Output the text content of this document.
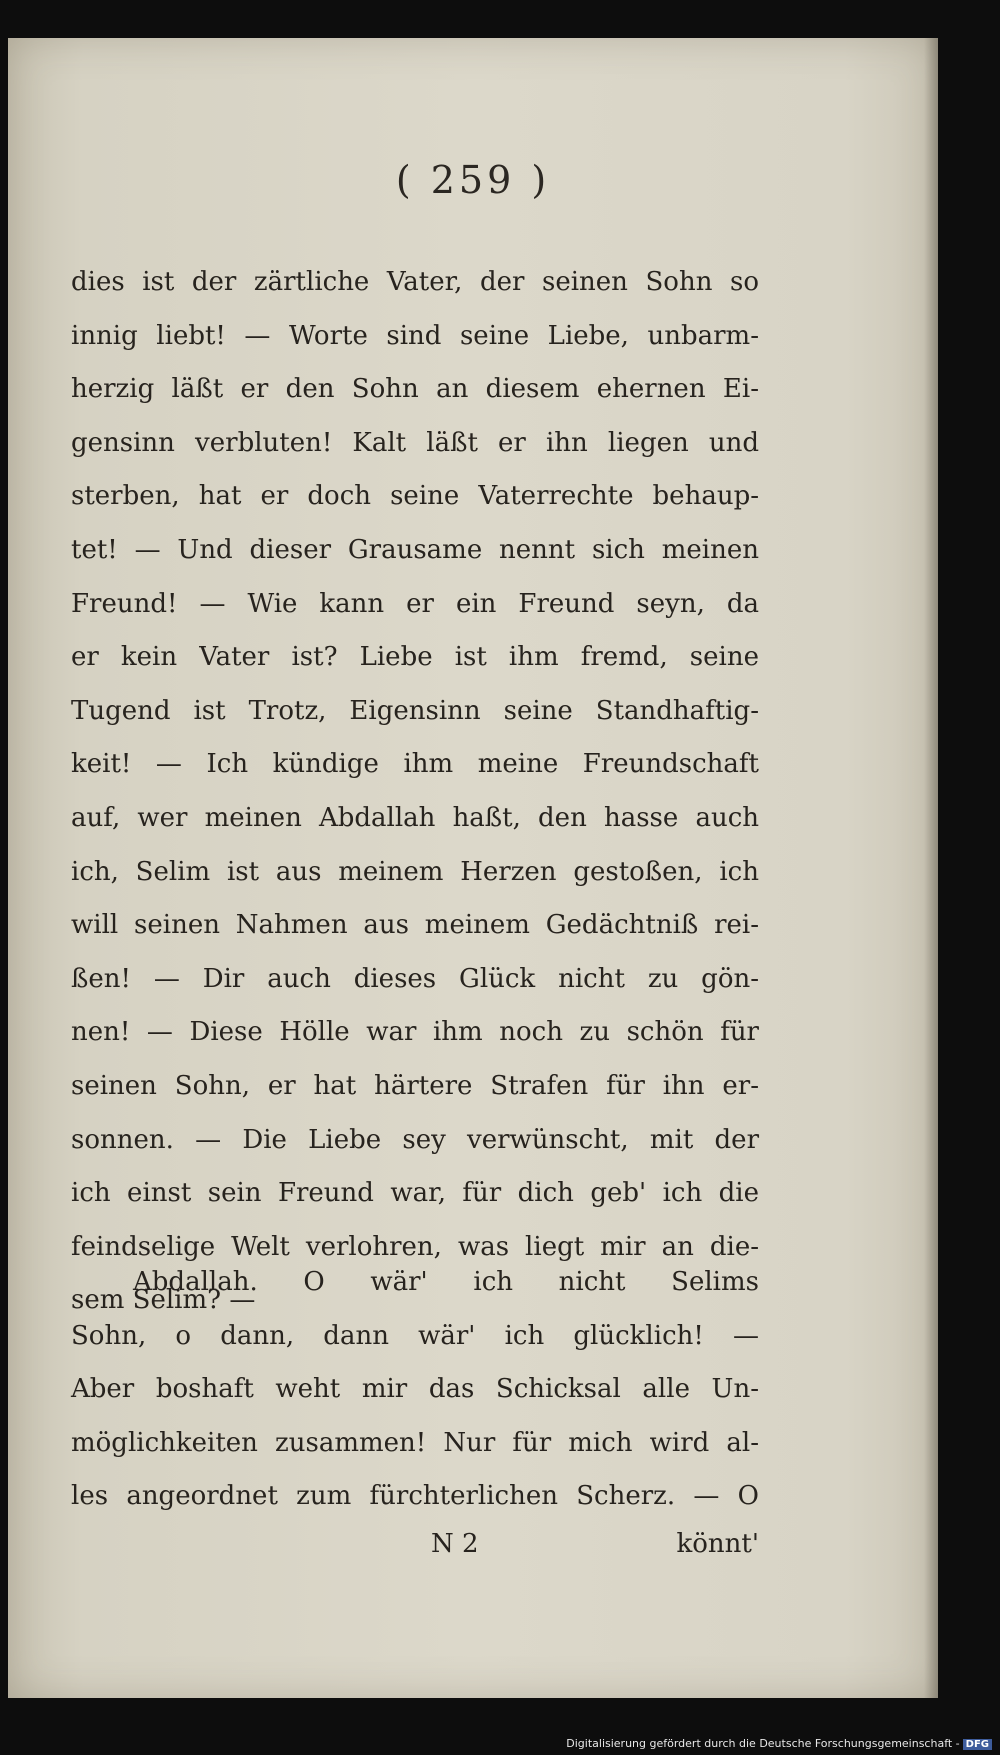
( 259 )
dies ist der zärtliche Vater, der seinen Sohn so
innig liebt! — Worte sind seine Liebe, unbarm-
herzig läßt er den Sohn an diesem ehernen Ei-
gensinn verbluten! Kalt läßt er ihn liegen und
sterben, hat er doch seine Vaterrechte behaup-
tet! — Und dieser Grausame nennt sich meinen
Freund! — Wie kann er ein Freund seyn, da
er kein Vater ist? Liebe ist ihm fremd, seine
Tugend ist Trotz, Eigensinn seine Standhaftig-
keit! — Ich kündige ihm meine Freundschaft
auf, wer meinen Abdallah haßt, den hasse auch
ich, Selim ist aus meinem Herzen gestoßen, ich
will seinen Nahmen aus meinem Gedächtniß rei-
ßen! — Dir auch dieses Glück nicht zu gön-
nen! — Diese Hölle war ihm noch zu schön für
seinen Sohn, er hat härtere Strafen für ihn er-
sonnen. — Die Liebe sey verwünscht, mit der
ich einst sein Freund war, für dich geb' ich die
feindselige Welt verlohren, was liegt mir an die-
sem Selim? —
Abdallah. O wär' ich nicht Selims
Sohn, o dann, dann wär' ich glücklich! —
Aber boshaft weht mir das Schicksal alle Un-
möglichkeiten zusammen! Nur für mich wird al-
les angeordnet zum fürchterlichen Scherz. — O
N 2	könnt'
Digitalisierung gefördert durch die Deutsche Forschungsgemeinschaft - DFG
